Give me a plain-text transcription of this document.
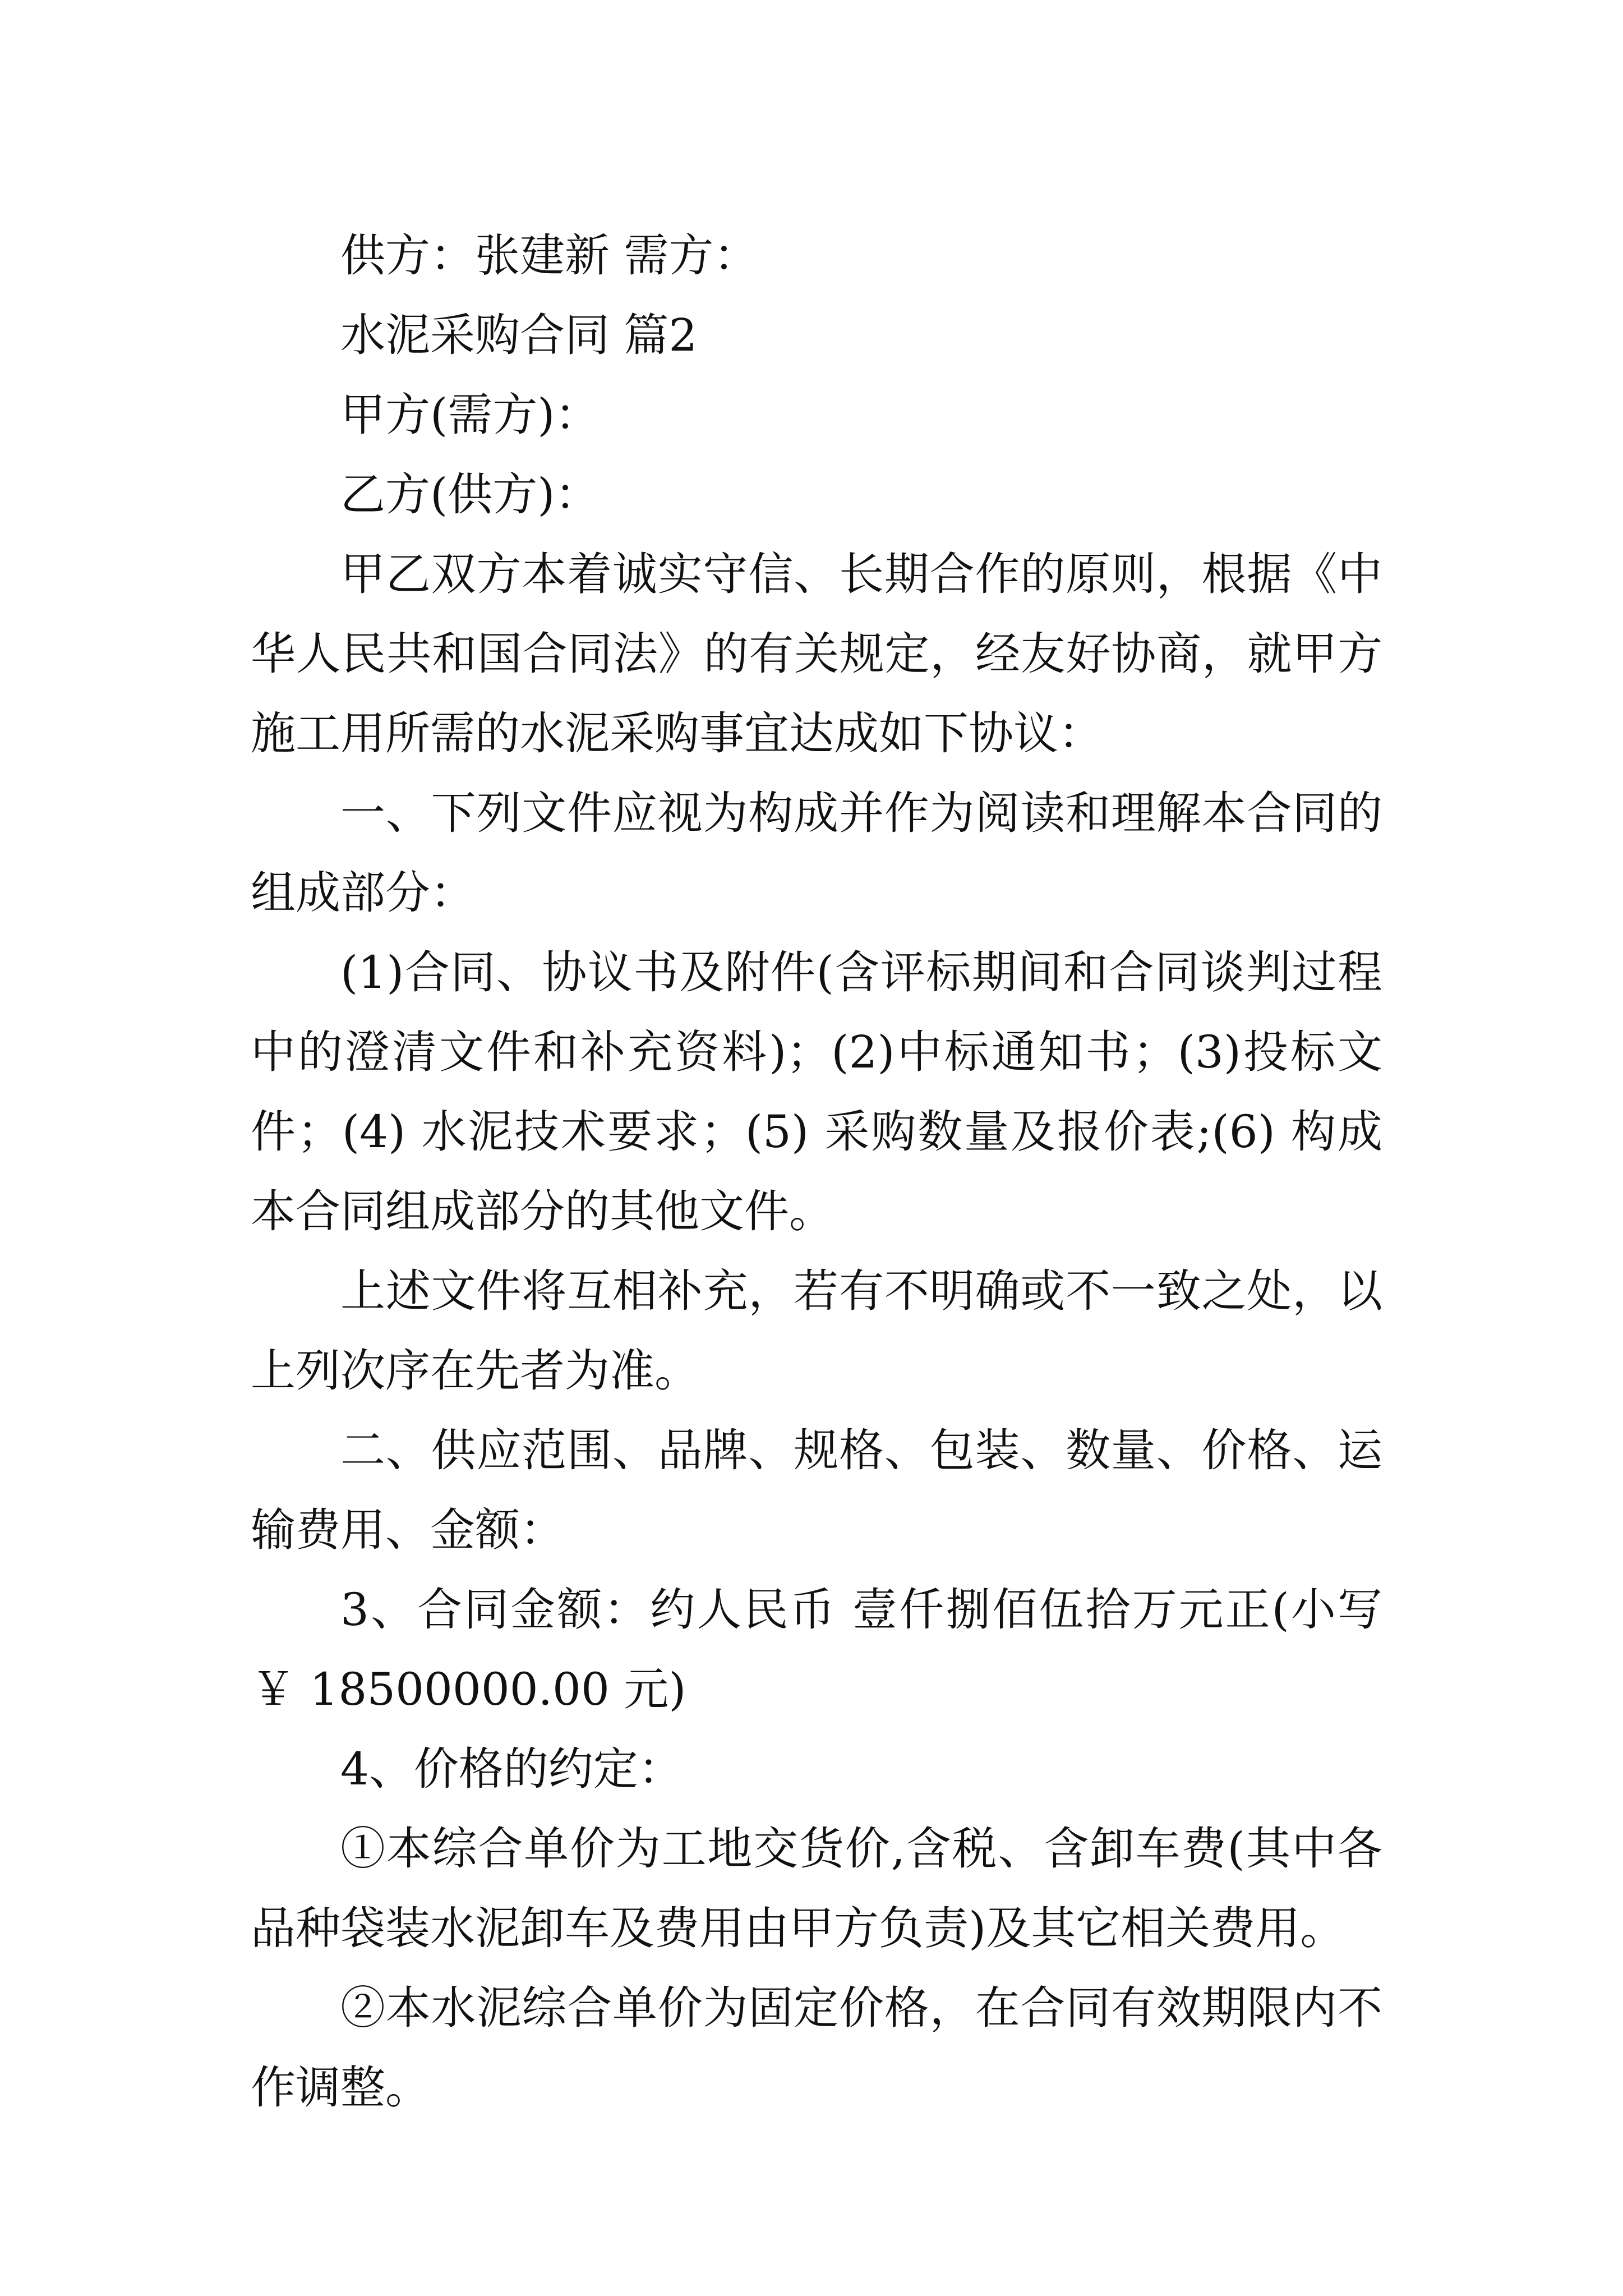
供方：张建新 需方：

水泥采购合同 篇2

甲方(需方)：

乙方(供方)：

甲乙双方本着诚实守信、长期合作的原则，根据《中华人民共和国合同法》的有关规定，经友好协商，就甲方施工用所需的水泥采购事宜达成如下协议：

一、下列文件应视为构成并作为阅读和理解本合同的组成部分：

(1)合同、协议书及附件(含评标期间和合同谈判过程中的澄清文件和补充资料)；(2)中标通知书；(3)投标文件；(4) 水泥技术要求；(5) 采购数量及报价表;(6) 构成本合同组成部分的其他文件。

上述文件将互相补充，若有不明确或不一致之处，以上列次序在先者为准。

二、供应范围、品牌、规格、包装、数量、价格、运输费用、金额：

3、合同金额：约人民币 壹仟捌佰伍拾万元正(小写￥ 18500000.00 元)

4、价格的约定：

①本综合单价为工地交货价,含税、含卸车费(其中各品种袋装水泥卸车及费用由甲方负责)及其它相关费用。

②本水泥综合单价为固定价格，在合同有效期限内不作调整。
